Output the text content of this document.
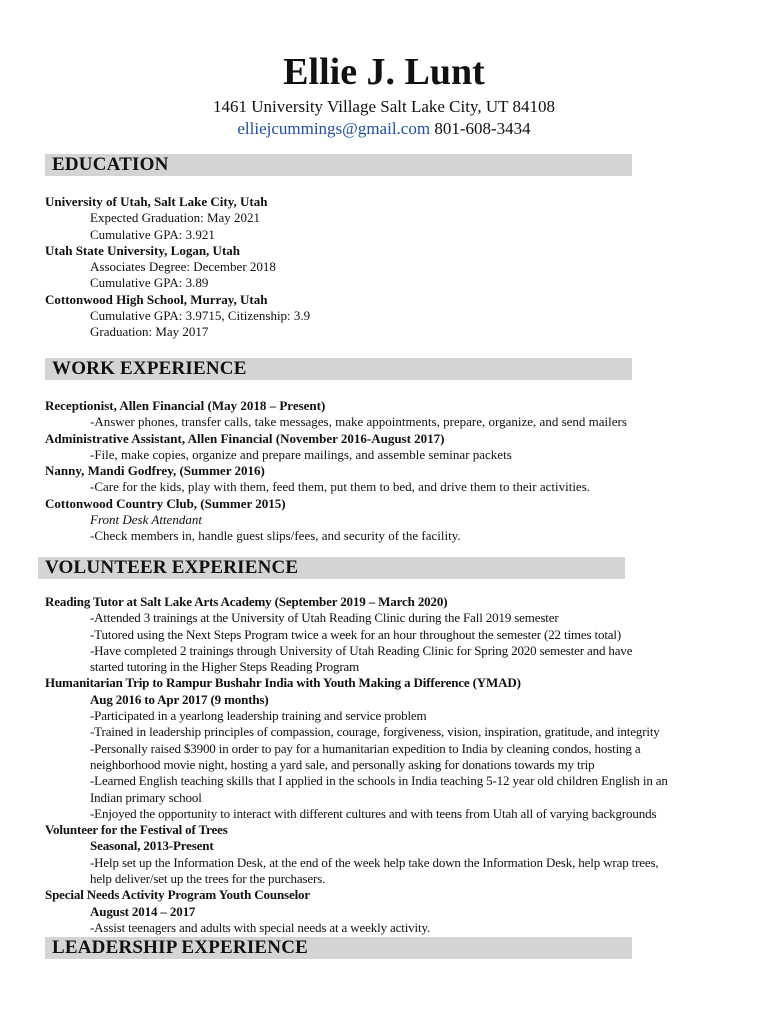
Ellie J. Lunt
1461 University Village Salt Lake City, UT 84108
elliejcummings@gmail.com 801-608-3434
EDUCATION
University of Utah, Salt Lake City, Utah
Expected Graduation: May 2021
Cumulative GPA: 3.921
Utah State University, Logan, Utah
Associates Degree: December 2018
Cumulative GPA: 3.89
Cottonwood High School, Murray, Utah
Cumulative GPA: 3.9715, Citizenship: 3.9
Graduation: May 2017
WORK EXPERIENCE
Receptionist, Allen Financial (May 2018 – Present)
-Answer phones, transfer calls, take messages, make appointments, prepare, organize, and send mailers
Administrative Assistant, Allen Financial (November 2016-August 2017)
-File, make copies, organize and prepare mailings, and assemble seminar packets
Nanny, Mandi Godfrey, (Summer 2016)
-Care for the kids, play with them, feed them, put them to bed, and drive them to their activities.
Cottonwood Country Club, (Summer 2015)
Front Desk Attendant
-Check members in, handle guest slips/fees, and security of the facility.
VOLUNTEER EXPERIENCE
Reading Tutor at Salt Lake Arts Academy (September 2019 – March 2020)
-Attended 3 trainings at the University of Utah Reading Clinic during the Fall 2019 semester
-Tutored using the Next Steps Program twice a week for an hour throughout the semester (22 times total)
-Have completed 2 trainings through University of Utah Reading Clinic for Spring 2020 semester and have
started tutoring in the Higher Steps Reading Program
Humanitarian Trip to Rampur Bushahr India with Youth Making a Difference (YMAD)
Aug 2016 to Apr 2017 (9 months)
-Participated in a yearlong leadership training and service problem
-Trained in leadership principles of compassion, courage, forgiveness, vision, inspiration, gratitude, and integrity
-Personally raised $3900 in order to pay for a humanitarian expedition to India by cleaning condos, hosting a
neighborhood movie night, hosting a yard sale, and personally asking for donations towards my trip
-Learned English teaching skills that I applied in the schools in India teaching 5-12 year old children English in an
Indian primary school
-Enjoyed the opportunity to interact with different cultures and with teens from Utah all of varying backgrounds
Volunteer for the Festival of Trees
Seasonal, 2013-Present
-Help set up the Information Desk, at the end of the week help take down the Information Desk, help wrap trees,
help deliver/set up the trees for the purchasers.
Special Needs Activity Program Youth Counselor
August 2014 – 2017
-Assist teenagers and adults with special needs at a weekly activity.
LEADERSHIP EXPERIENCE
